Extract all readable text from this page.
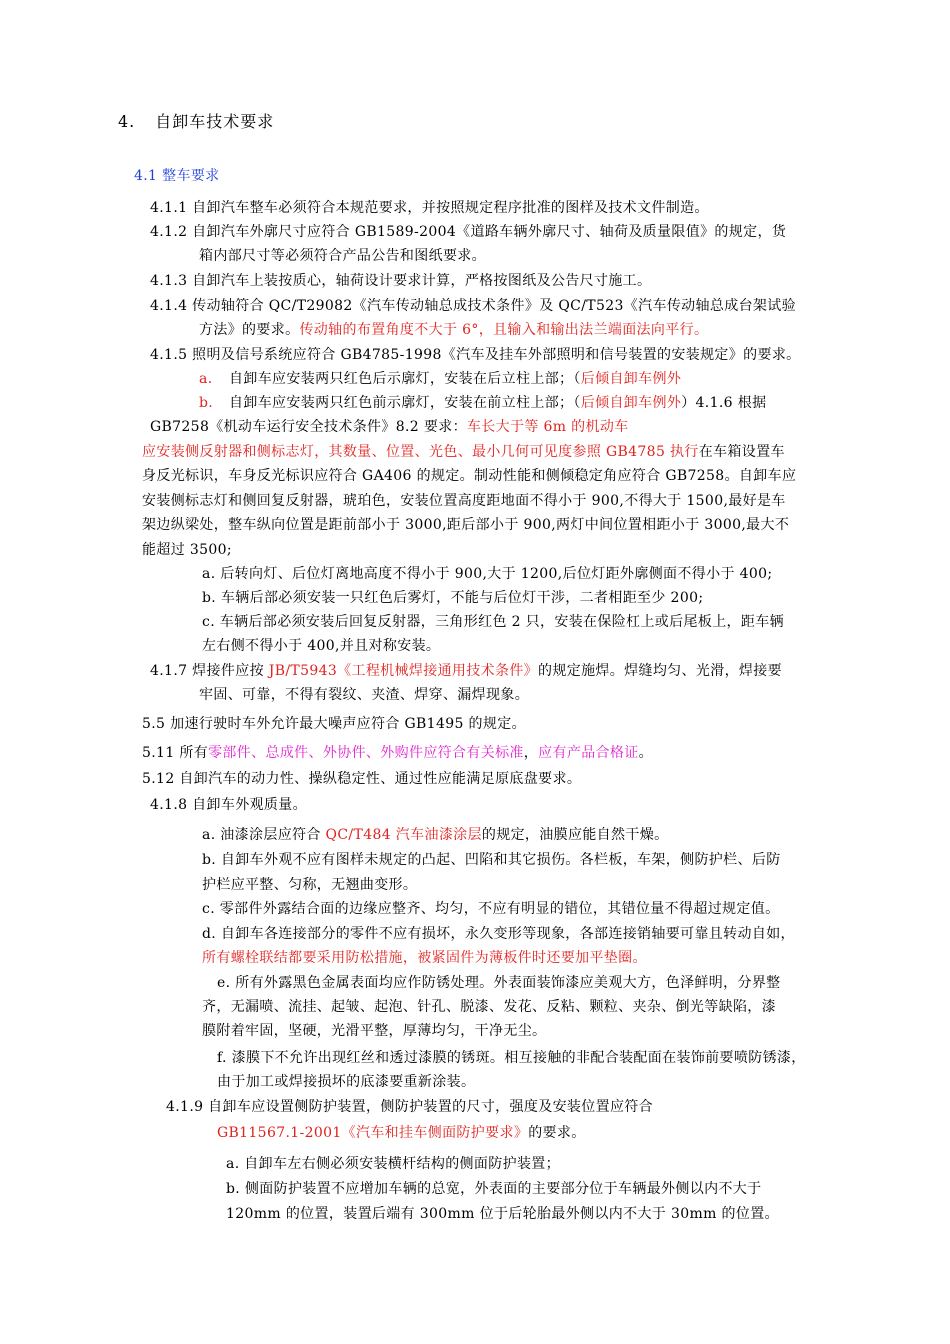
4. 自卸车技术要求
4.1 整车要求
4.1.1 自卸汽车整车必须符合本规范要求，并按照规定程序批准的图样及技术文件制造。
4.1.2 自卸汽车外廓尺寸应符合 GB1589-2004《道路车辆外廓尺寸、轴荷及质量限值》的规定，货
箱内部尺寸等必须符合产品公告和图纸要求。
4.1.3 自卸汽车上装按质心，轴荷设计要求计算，严格按图纸及公告尺寸施工。
4.1.4 传动轴符合 QC/T29082《汽车传动轴总成技术条件》及 QC/T523《汽车传动轴总成台架试验
方法》的要求。传动轴的布置角度不大于 6°，且输入和输出法兰端面法向平行。
4.1.5 照明及信号系统应符合 GB4785-1998《汽车及挂车外部照明和信号装置的安装规定》的要求。
a. 自卸车应安装两只红色后示廓灯，安装在后立柱上部；（后倾自卸车例外
b. 自卸车应安装两只红色前示廓灯，安装在前立柱上部；（后倾自卸车例外）4.1.6 根据
GB7258《机动车运行安全技术条件》8.2 要求：车长大于等 6m 的机动车
应安装侧反射器和侧标志灯，其数量、位置、光色、最小几何可见度参照 GB4785 执行在车箱设置车
身反光标识，车身反光标识应符合 GA406 的规定。制动性能和侧倾稳定角应符合 GB7258。自卸车应
安装侧标志灯和侧回复反射器，琥珀色，安装位置高度距地面不得小于 900,不得大于 1500,最好是车
架边纵梁处，整车纵向位置是距前部小于 3000,距后部小于 900,两灯中间位置相距小于 3000,最大不
能超过 3500;
a. 后转向灯、后位灯离地高度不得小于 900,大于 1200,后位灯距外廓侧面不得小于 400;
b. 车辆后部必须安装一只红色后雾灯，不能与后位灯干涉，二者相距至少 200;
c. 车辆后部必须安装后回复反射器，三角形红色 2 只，安装在保险杠上或后尾板上，距车辆
左右侧不得小于 400,并且对称安装。
4.1.7 焊接件应按 JB/T5943《工程机械焊接通用技术条件》的规定施焊。焊缝均匀、光滑，焊接要
牢固、可靠，不得有裂纹、夹渣、焊穿、漏焊现象。
5.5 加速行驶时车外允许最大噪声应符合 GB1495 的规定。
5.11 所有零部件、总成件、外协件、外购件应符合有关标准，应有产品合格证。
5.12 自卸汽车的动力性、操纵稳定性、通过性应能满足原底盘要求。
4.1.8 自卸车外观质量。
a. 油漆涂层应符合 QC/T484 汽车油漆涂层的规定，油膜应能自然干燥。
b. 自卸车外观不应有图样未规定的凸起、凹陷和其它损伤。各栏板，车架，侧防护栏、后防
护栏应平整、匀称，无翘曲变形。
c. 零部件外露结合面的边缘应整齐、均匀，不应有明显的错位，其错位量不得超过规定值。
d. 自卸车各连接部分的零件不应有损坏，永久变形等现象，各部连接销轴要可靠且转动自如，
所有螺栓联结都要采用防松措施，被紧固件为薄板件时还要加平垫圈。
e. 所有外露黑色金属表面均应作防锈处理。外表面装饰漆应美观大方，色泽鲜明，分界整
齐，无漏喷、流挂、起皱、起泡、针孔、脱漆、发花、反粘、颗粒、夹杂、倒光等缺陷，漆
膜附着牢固，坚硬，光滑平整，厚薄均匀，干净无尘。
f. 漆膜下不允许出现红丝和透过漆膜的锈斑。相互接触的非配合装配面在装饰前要喷防锈漆，
由于加工或焊接损坏的底漆要重新涂装。
4.1.9 自卸车应设置侧防护装置，侧防护装置的尺寸，强度及安装位置应符合
GB11567.1-2001《汽车和挂车侧面防护要求》的要求。
a. 自卸车左右侧必须安装横杆结构的侧面防护装置；
b. 侧面防护装置不应增加车辆的总宽，外表面的主要部分位于车辆最外侧以内不大于
120mm 的位置，装置后端有 300mm 位于后轮胎最外侧以内不大于 30mm 的位置。
